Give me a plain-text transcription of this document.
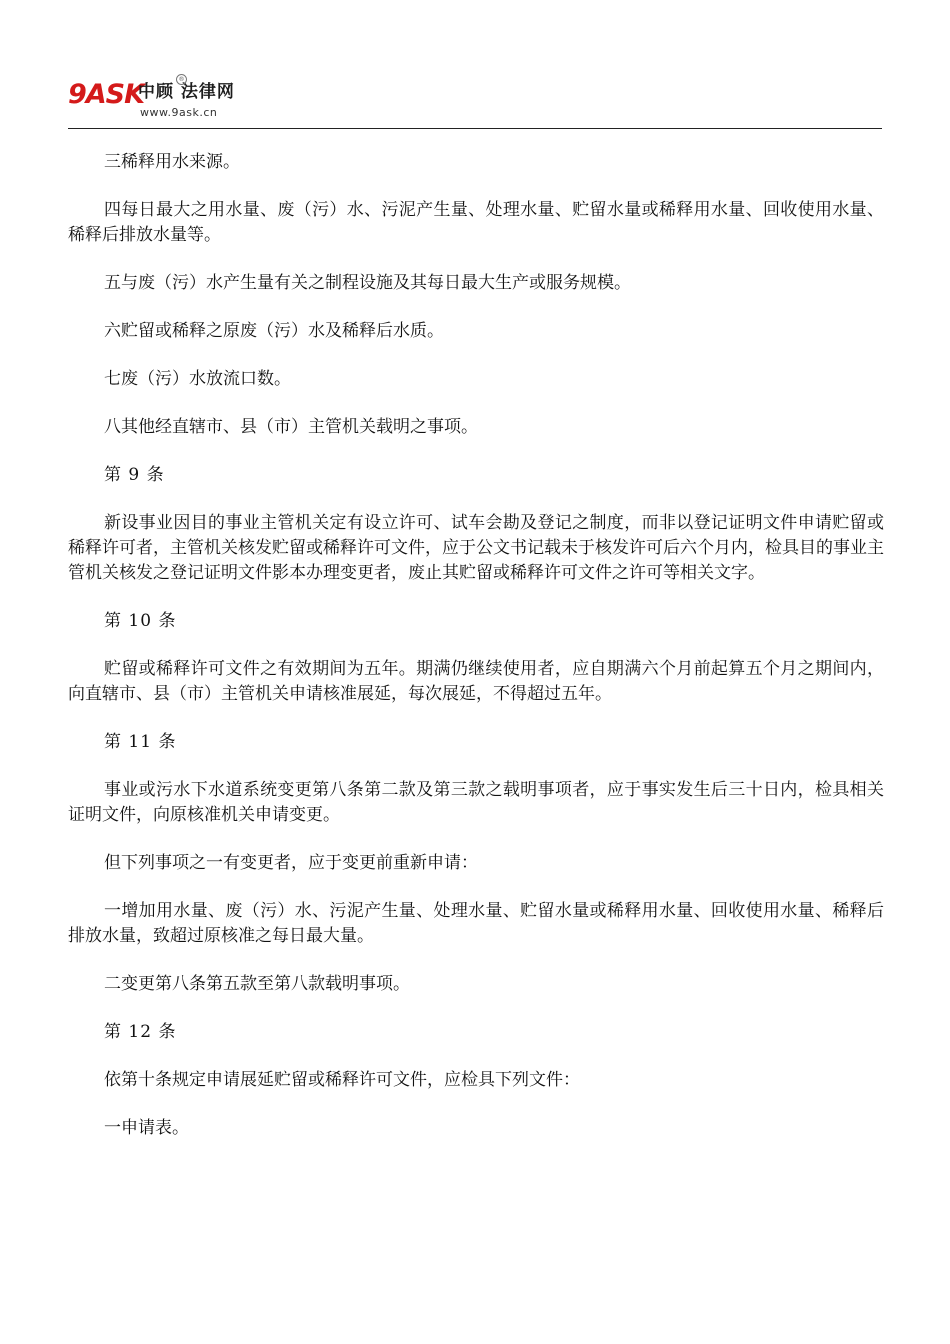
9ASK
中顾 法律网
®
www.9ask.cn

三稀释用水来源。

四每日最大之用水量、废（污）水、污泥产生量、处理水量、贮留水量或稀释用水量、回收使用水量、稀释后排放水量等。

五与废（污）水产生量有关之制程设施及其每日最大生产或服务规模。

六贮留或稀释之原废（污）水及稀释后水质。

七废（污）水放流口数。

八其他经直辖市、县（市）主管机关载明之事项。

第 9 条

新设事业因目的事业主管机关定有设立许可、试车会勘及登记之制度，而非以登记证明文件申请贮留或稀释许可者，主管机关核发贮留或稀释许可文件，应于公文书记载未于核发许可后六个月内，检具目的事业主管机关核发之登记证明文件影本办理变更者，废止其贮留或稀释许可文件之许可等相关文字。

第 10 条

贮留或稀释许可文件之有效期间为五年。期满仍继续使用者，应自期满六个月前起算五个月之期间内，向直辖市、县（市）主管机关申请核准展延，每次展延，不得超过五年。

第 11 条

事业或污水下水道系统变更第八条第二款及第三款之载明事项者，应于事实发生后三十日内，检具相关证明文件，向原核准机关申请变更。

但下列事项之一有变更者，应于变更前重新申请：

一增加用水量、废（污）水、污泥产生量、处理水量、贮留水量或稀释用水量、回收使用水量、稀释后排放水量，致超过原核准之每日最大量。

二变更第八条第五款至第八款载明事项。

第 12 条

依第十条规定申请展延贮留或稀释许可文件，应检具下列文件：

一申请表。
